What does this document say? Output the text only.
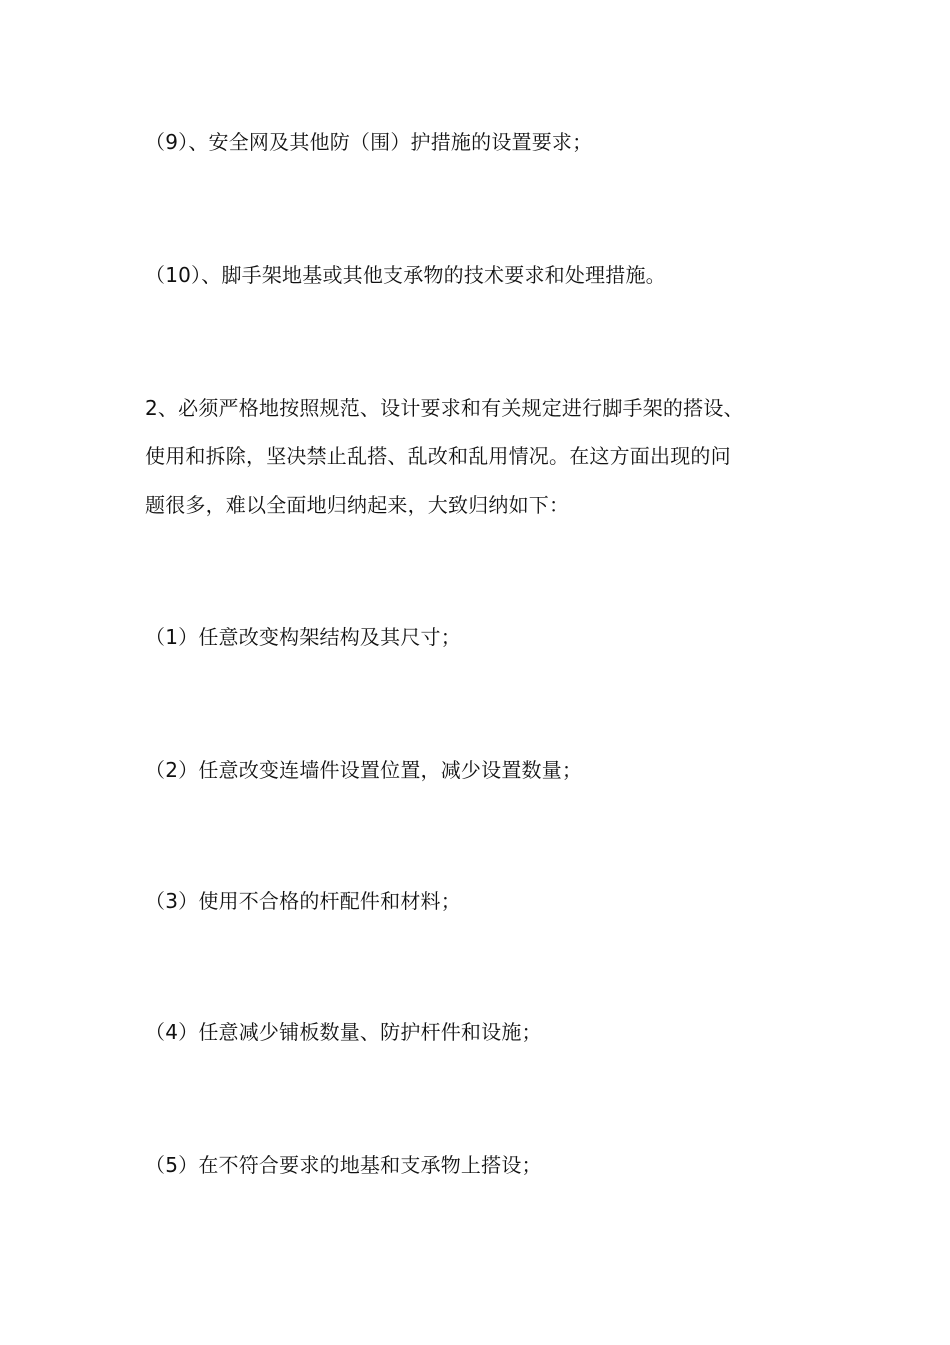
（9）、安全网及其他防（围）护措施的设置要求；
（10）、脚手架地基或其他支承物的技术要求和处理措施。
2、必须严格地按照规范、设计要求和有关规定进行脚手架的搭设、
使用和拆除，坚决禁止乱搭、乱改和乱用情况。在这方面出现的问
题很多，难以全面地归纳起来，大致归纳如下：
（1）任意改变构架结构及其尺寸；
（2）任意改变连墙件设置位置，减少设置数量；
（3）使用不合格的杆配件和材料；
（4）任意减少铺板数量、防护杆件和设施；
（5）在不符合要求的地基和支承物上搭设；
